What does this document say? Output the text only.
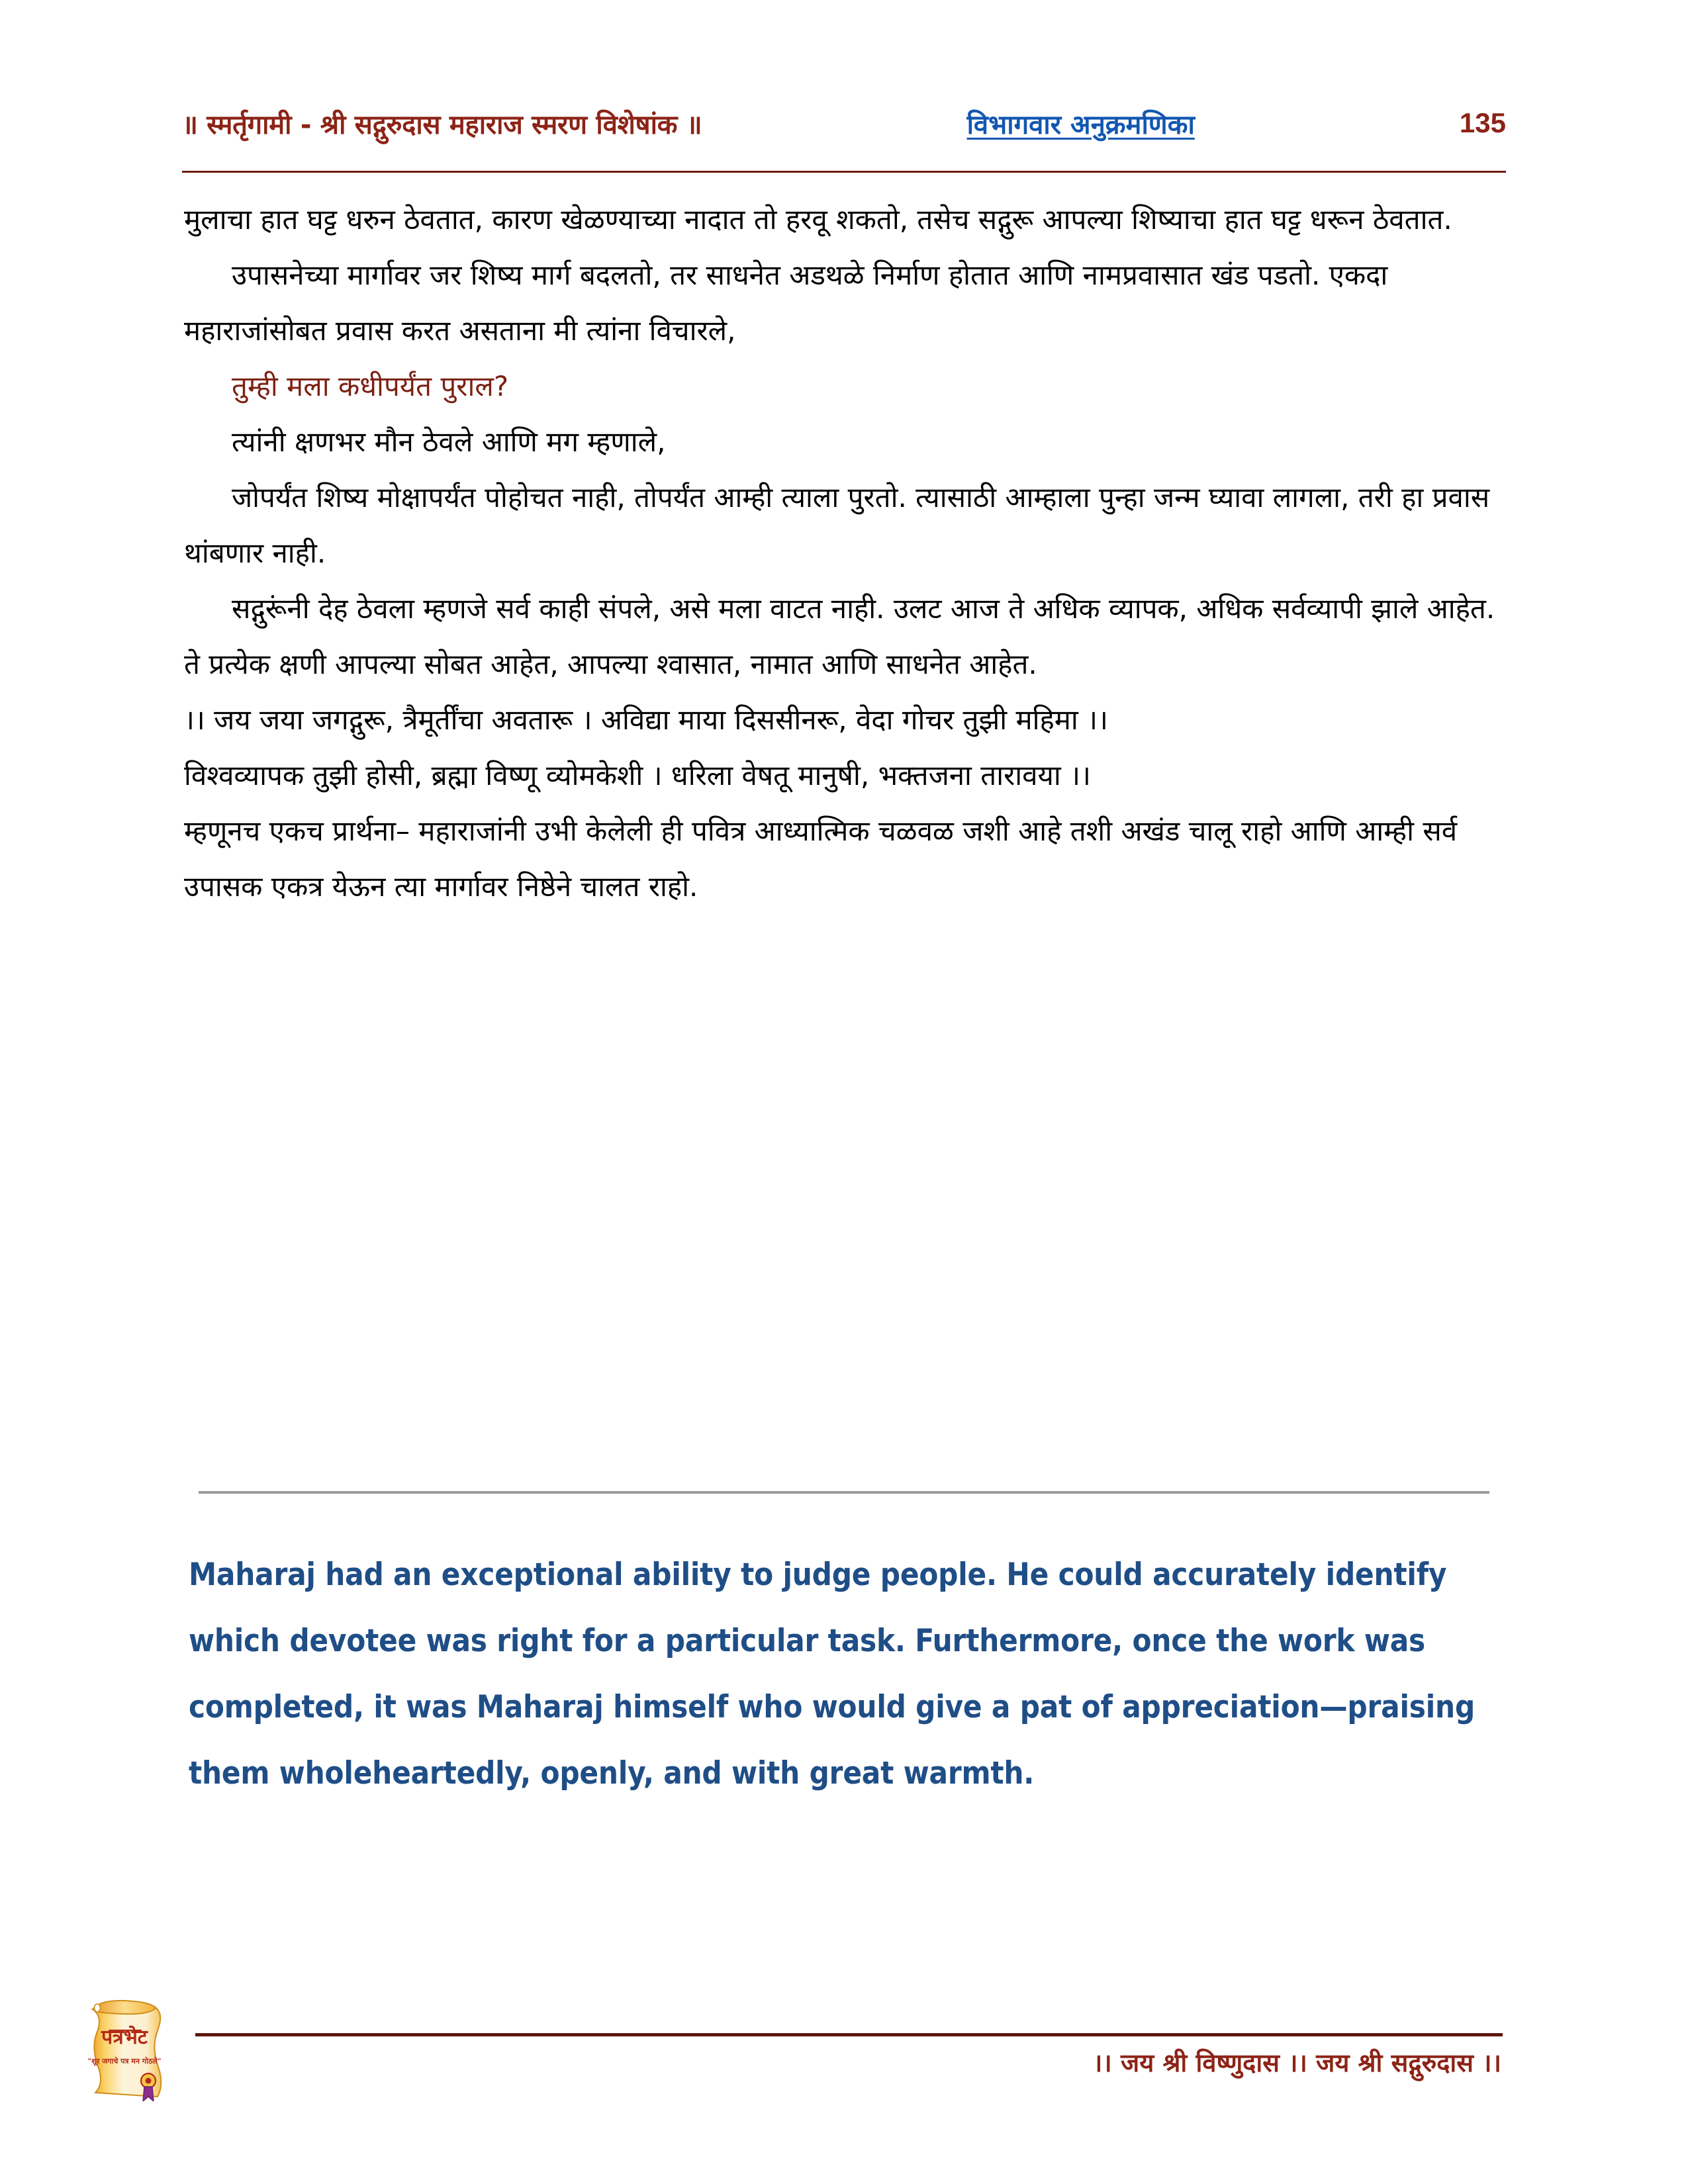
॥ स्मर्तृगामी - श्री सद्गुरुदास महाराज स्मरण विशेषांक ॥	विभागवार अनुक्रमणिका	135

मुलाचा हात घट्ट धरुन ठेवतात, कारण खेळण्याच्या नादात तो हरवू शकतो, तसेच सद्गुरू आपल्या शिष्याचा हात घट्ट धरून ठेवतात.

उपासनेच्या मार्गावर जर शिष्य मार्ग बदलतो, तर साधनेत अडथळे निर्माण होतात आणि नामप्रवासात खंड पडतो. एकदा महाराजांसोबत प्रवास करत असताना मी त्यांना विचारले,

तुम्ही मला कधीपर्यंत पुराल?

त्यांनी क्षणभर मौन ठेवले आणि मग म्हणाले,

जोपर्यंत शिष्य मोक्षापर्यंत पोहोचत नाही, तोपर्यंत आम्ही त्याला पुरतो. त्यासाठी आम्हाला पुन्हा जन्म घ्यावा लागला, तरी हा प्रवास थांबणार नाही.

सद्गुरूंनी देह ठेवला म्हणजे सर्व काही संपले, असे मला वाटत नाही. उलट आज ते अधिक व्यापक, अधिक सर्वव्यापी झाले आहेत. ते प्रत्येक क्षणी आपल्या सोबत आहेत, आपल्या श्वासात, नामात आणि साधनेत आहेत.

।। जय जया जगद्गुरू, त्रैमूर्तींचा अवतारू । अविद्या माया दिससीनरू, वेदा गोचर तुझी महिमा ।।

विश्वव्यापक तुझी होसी, ब्रह्मा विष्णू व्योमकेशी । धरिला वेषतू मानुषी, भक्तजना तारावया ।।

म्हणूनच एकच प्रार्थना– महाराजांनी उभी केलेली ही पवित्र आध्यात्मिक चळवळ जशी आहे तशी अखंड चालू राहो आणि आम्ही सर्व उपासक एकत्र येऊन त्या मार्गावर निष्ठेने चालत राहो.

Maharaj had an exceptional ability to judge people. He could accurately identify which devotee was right for a particular task. Furthermore, once the work was completed, it was Maharaj himself who would give a pat of appreciation—praising them wholeheartedly, openly, and with great warmth.

।। जय श्री विष्णुदास ।। जय श्री सद्गुरुदास ।।
पत्रभेट
"शूर जगाचे पत्र मन गोठले"
